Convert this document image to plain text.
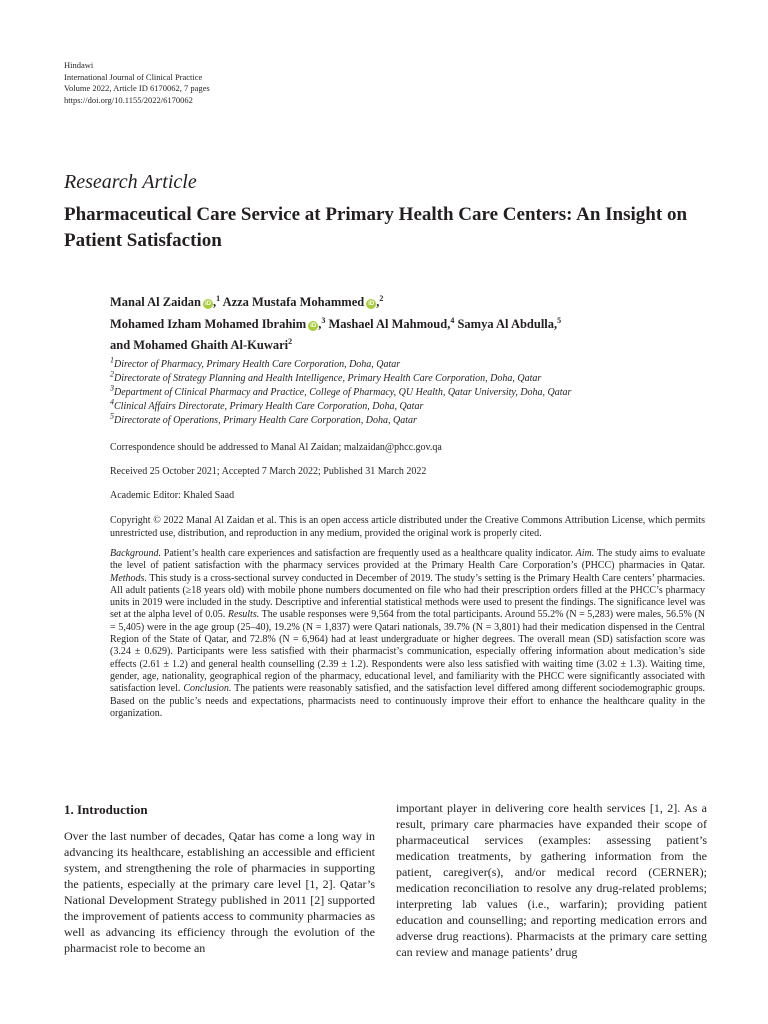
Hindawi
International Journal of Clinical Practice
Volume 2022, Article ID 6170062, 7 pages
https://doi.org/10.1155/2022/6170062
Research Article
Pharmaceutical Care Service at Primary Health Care Centers: An Insight on Patient Satisfaction
Manal Al Zaidan iD ,$^1$ Azza Mustafa Mohammed iD ,$^2$
Mohamed Izham Mohamed Ibrahim iD ,$^3$ Mashael Al Mahmoud,$^4$ Samya Al Abdulla,$^5$
and Mohamed Ghaith Al-Kuwari$^2$
$^1$Director of Pharmacy, Primary Health Care Corporation, Doha, Qatar
$^2$Directorate of Strategy Planning and Health Intelligence, Primary Health Care Corporation, Doha, Qatar
$^3$Department of Clinical Pharmacy and Practice, College of Pharmacy, QU Health, Qatar University, Doha, Qatar
$^4$Clinical Affairs Directorate, Primary Health Care Corporation, Doha, Qatar
$^5$Directorate of Operations, Primary Health Care Corporation, Doha, Qatar
Correspondence should be addressed to Manal Al Zaidan; malzaidan@phcc.gov.qa
Received 25 October 2021; Accepted 7 March 2022; Published 31 March 2022
Academic Editor: Khaled Saad
Copyright © 2022 Manal Al Zaidan et al. This is an open access article distributed under the Creative Commons Attribution License, which permits unrestricted use, distribution, and reproduction in any medium, provided the original work is properly cited.
Background. Patient’s health care experiences and satisfaction are frequently used as a healthcare quality indicator. Aim. The study aims to evaluate the level of patient satisfaction with the pharmacy services provided at the Primary Health Care Corporation’s (PHCC) pharmacies in Qatar. Methods. This study is a cross-sectional survey conducted in December of 2019. The study’s setting is the Primary Health Care centers’ pharmacies. All adult patients (≥18 years old) with mobile phone numbers documented on file who had their prescription orders filled at the PHCC’s pharmacy units in 2019 were included in the study. Descriptive and inferential statistical methods were used to present the findings. The significance level was set at the alpha level of 0.05. Results. The usable responses were 9,564 from the total participants. Around 55.2% (N = 5,283) were males, 56.5% (N = 5,405) were in the age group (25–40), 19.2% (N = 1,837) were Qatari nationals, 39.7% (N = 3,801) had their medication dispensed in the Central Region of the State of Qatar, and 72.8% (N = 6,964) had at least undergraduate or higher degrees. The overall mean (SD) satisfaction score was (3.24 ± 0.629). Participants were less satisfied with their pharmacist’s communication, especially offering information about medication’s side effects (2.61 ± 1.2) and general health counselling (2.39 ± 1.2). Respondents were also less satisfied with waiting time (3.02 ± 1.3). Waiting time, gender, age, nationality, geographical region of the pharmacy, educational level, and familiarity with the PHCC were significantly associated with satisfaction level. Conclusion. The patients were reasonably satisfied, and the satisfaction level differed among different sociodemographic groups. Based on the public’s needs and expectations, pharmacists need to continuously improve their effort to enhance the healthcare quality in the organization.
1. Introduction
Over the last number of decades, Qatar has come a long way in advancing its healthcare, establishing an accessible and efficient system, and strengthening the role of pharmacies in supporting the patients, especially at the primary care level [1, 2]. Qatar’s National Development Strategy published in 2011 [2] supported the improvement of patients access to community pharmacies as well as advancing its efficiency through the evolution of the pharmacist role to become an
important player in delivering core health services [1, 2]. As a result, primary care pharmacies have expanded their scope of pharmaceutical services (examples: assessing patient’s medication treatments, by gathering information from the patient, caregiver(s), and/or medical record (CERNER); medication reconciliation to resolve any drug-related problems; interpreting lab values (i.e., warfarin); providing patient education and counselling; and reporting medication errors and adverse drug reactions). Pharmacists at the primary care setting can review and manage patients’ drug
